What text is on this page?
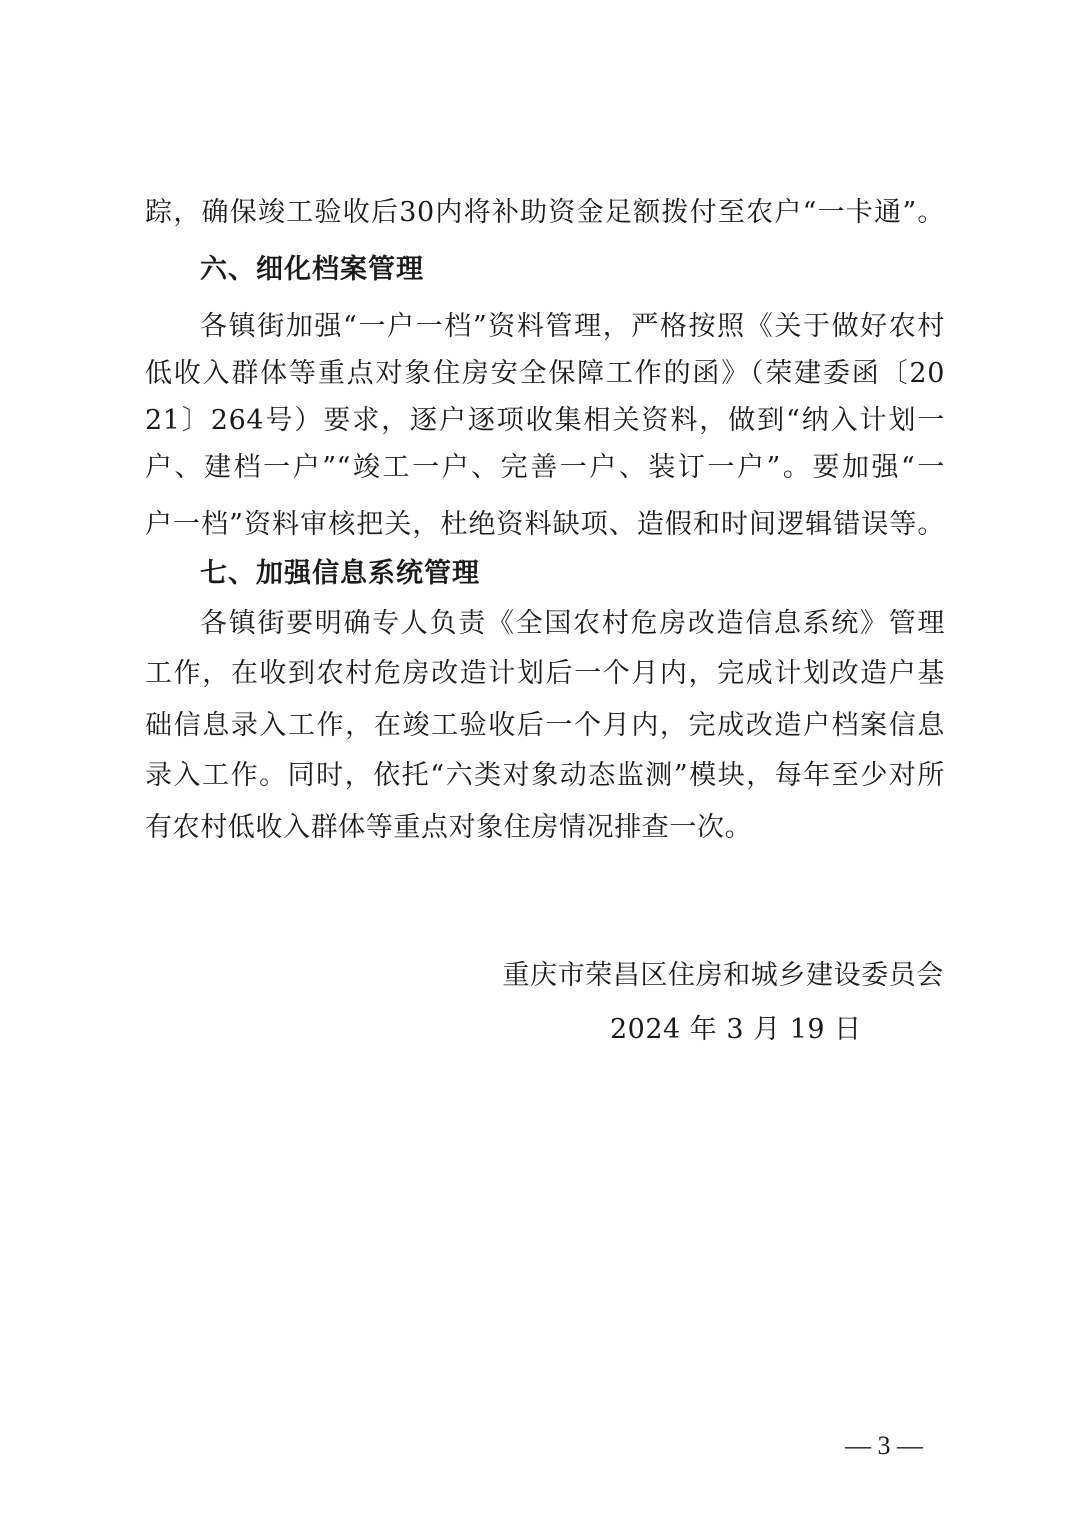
踪，确保竣工验收后30内将补助资金足额拨付至农户“一卡通”。
六、细化档案管理
各镇街加强“一户一档”资料管理，严格按照《关于做好农村
低收入群体等重点对象住房安全保障工作的函》（荣建委函〔20
21〕264号）要求，逐户逐项收集相关资料，做到“纳入计划一
户、建档一户”“竣工一户、完善一户、装订一户”。要加强“一
户一档”资料审核把关，杜绝资料缺项、造假和时间逻辑错误等。
七、加强信息系统管理
各镇街要明确专人负责《全国农村危房改造信息系统》管理
工作，在收到农村危房改造计划后一个月内，完成计划改造户基
础信息录入工作，在竣工验收后一个月内，完成改造户档案信息
录入工作。同时，依托“六类对象动态监测”模块，每年至少对所
有农村低收入群体等重点对象住房情况排查一次。
重庆市荣昌区住房和城乡建设委员会
2024 年 3 月 19 日
— 3 —
